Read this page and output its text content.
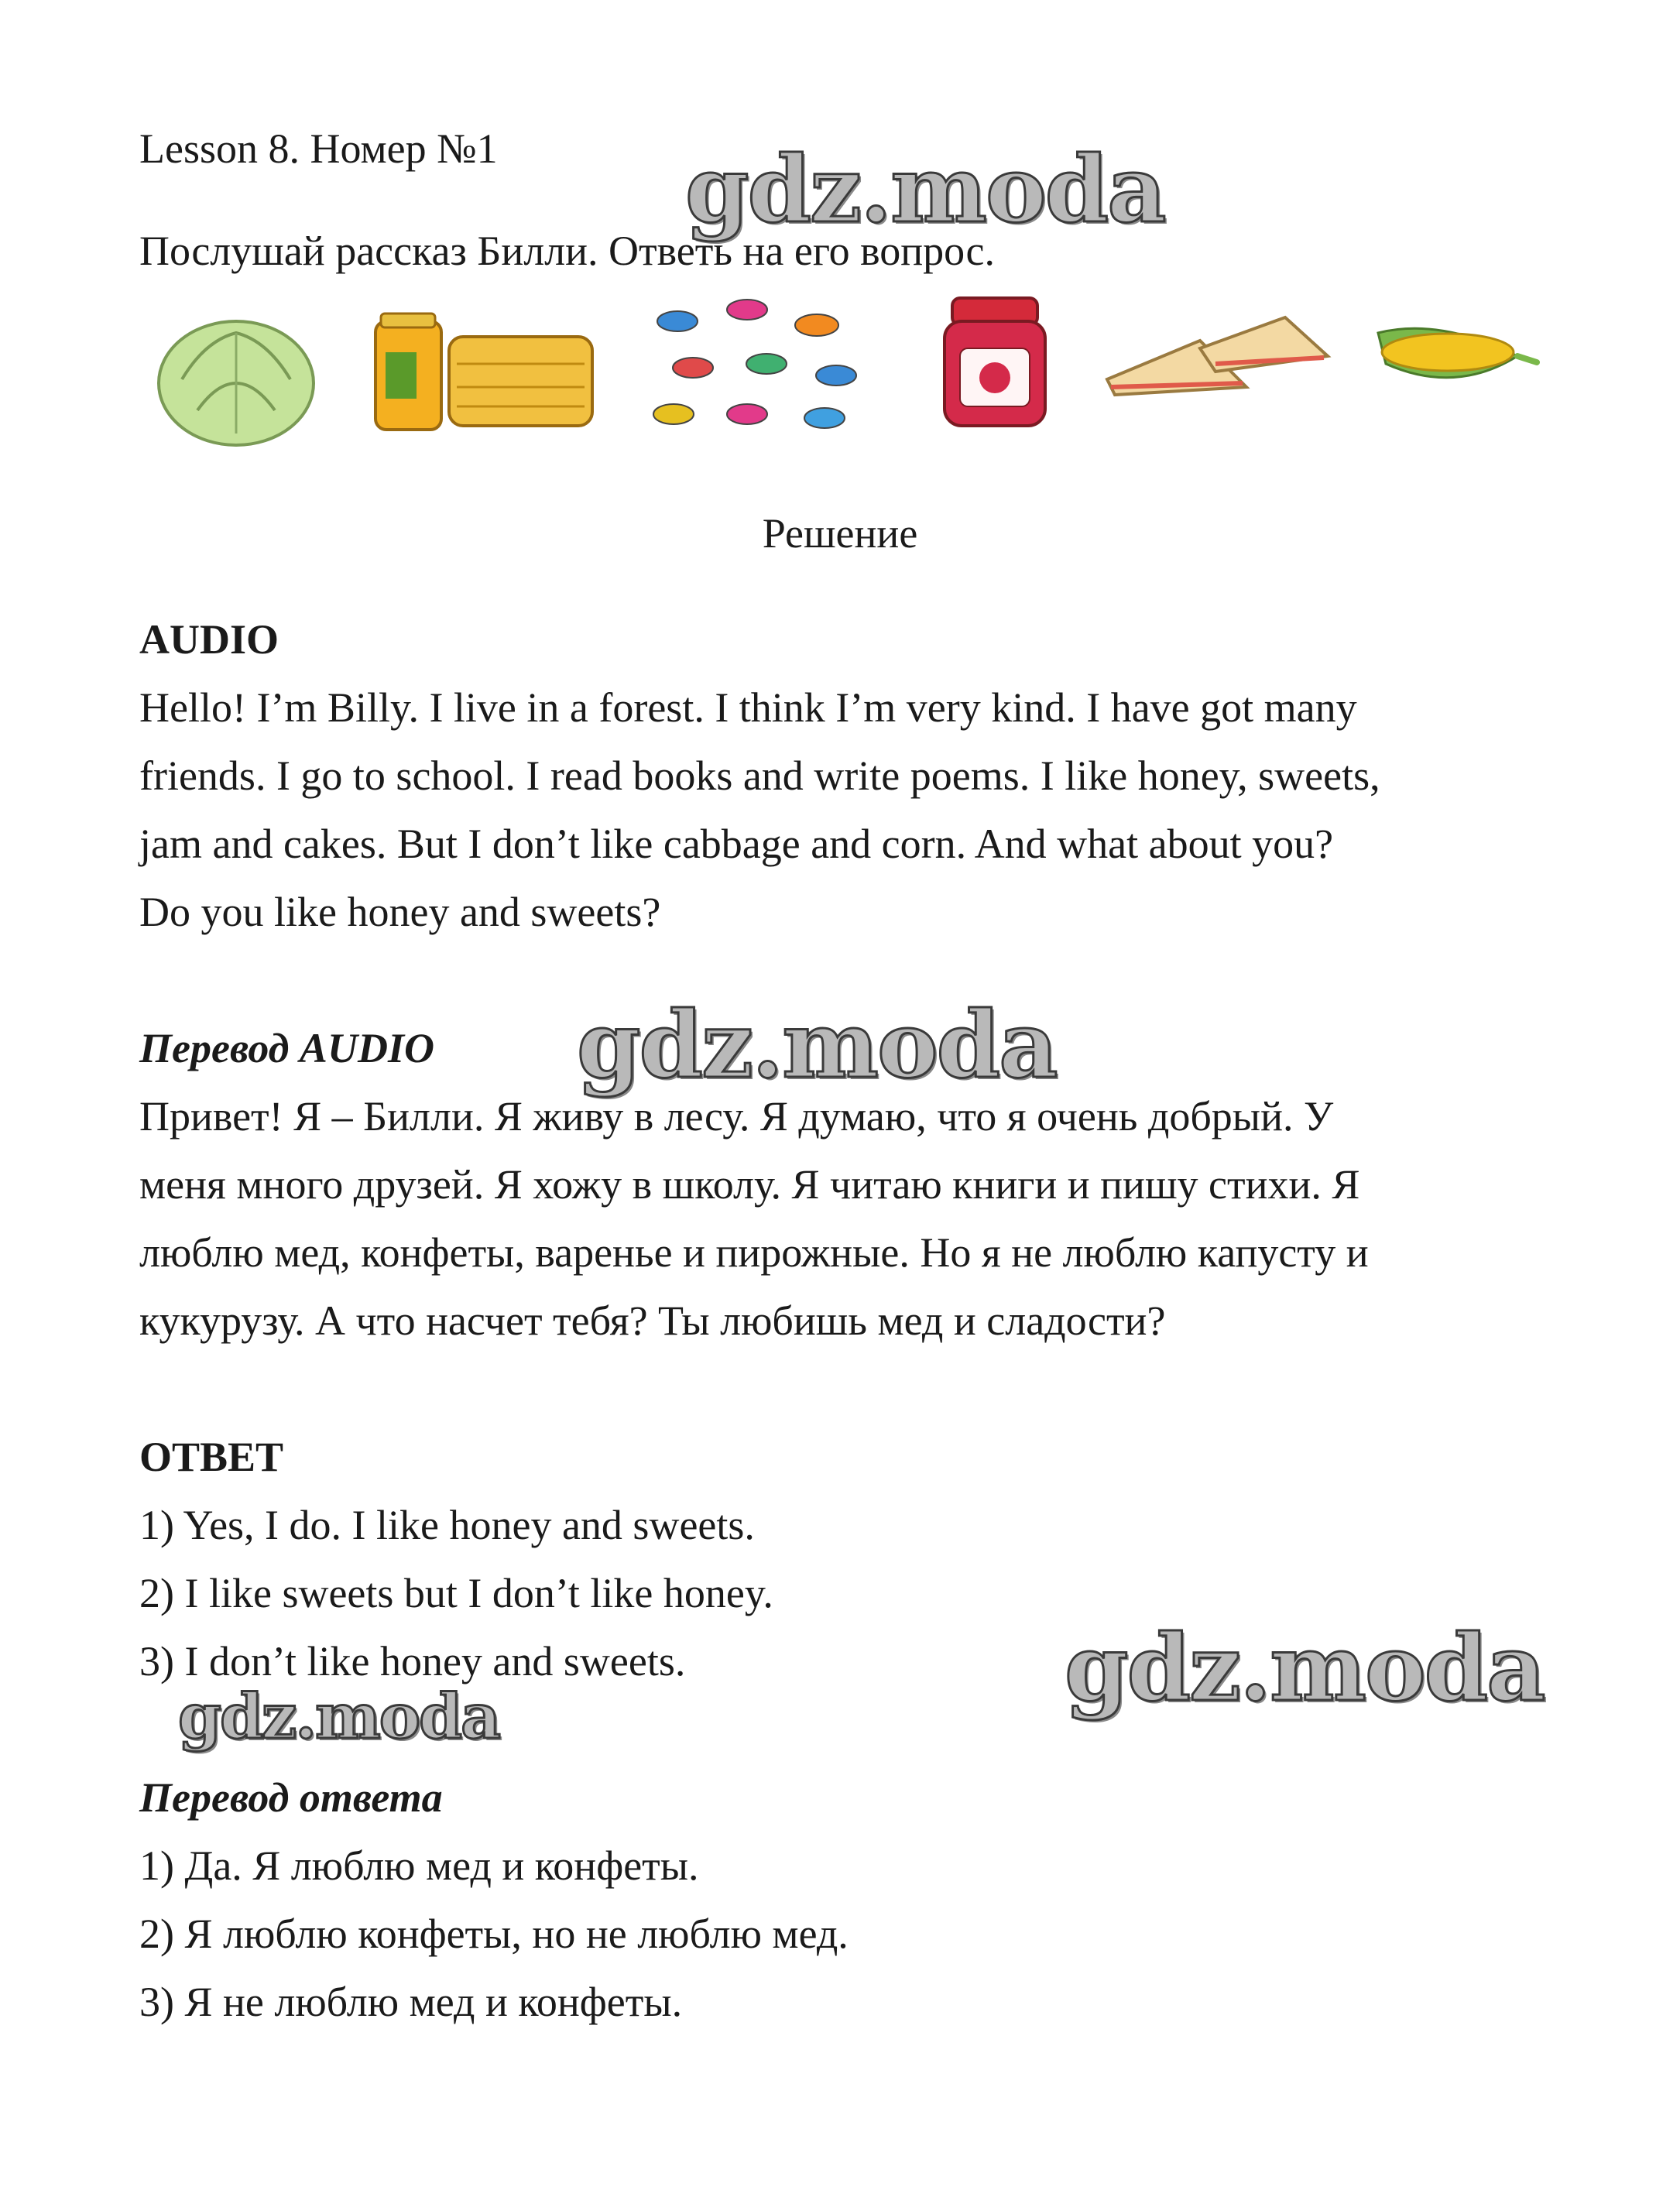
Lesson 8. Номер №1
Послушай рассказ Билли. Ответь на его вопрос.
Решение
AUDIO
Hello! I’m Billy. I live in a forest. I think I’m very kind. I have got many
friends. I go to school. I read books and write poems. I like honey, sweets,
jam and cakes. But I don’t like cabbage and corn. And what about you?
Do you like honey and sweets?
Перевод AUDIO
Привет! Я – Билли. Я живу в лесу. Я думаю, что я очень добрый. У
меня много друзей. Я хожу в школу. Я читаю книги и пишу стихи. Я
люблю мед, конфеты, варенье и пирожные. Но я не люблю капусту и
кукурузу. А что насчет тебя? Ты любишь мед и сладости?
ОТВЕТ
1) Yes, I do. I like honey and sweets.
2) I like sweets but I don’t like honey.
3) I don’t like honey and sweets.
Перевод ответа
1) Да. Я люблю мед и конфеты.
2) Я люблю конфеты, но не люблю мед.
3) Я не люблю мед и конфеты.
gdz.moda
gdz.moda
gdz.moda
gdz.moda
